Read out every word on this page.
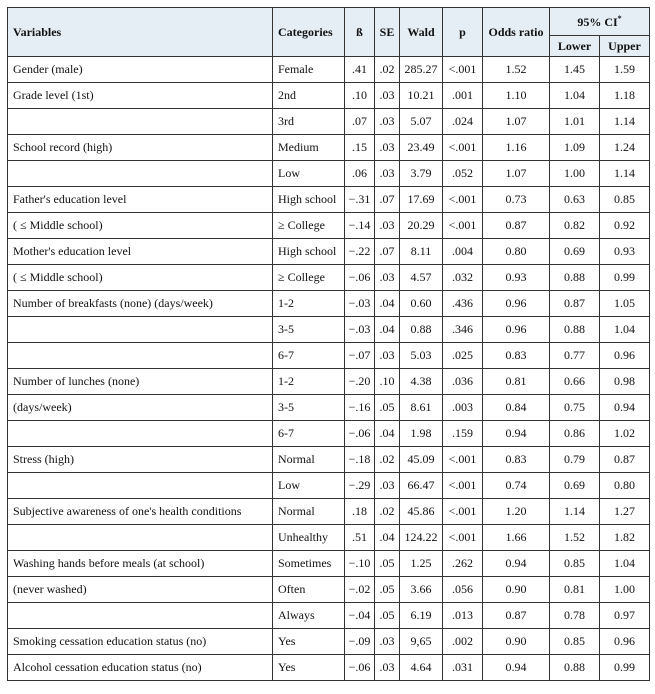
Variables	Categories	ß	SE	Wald	p	Odds ratio	95% CI*
							Lower	Upper
Gender (male)	Female	.41	.02	285.27	<.001	1.52	1.45	1.59
Grade level (1st)	2nd	.10	.03	10.21	.001	1.10	1.04	1.18
	3rd	.07	.03	5.07	.024	1.07	1.01	1.14
School record (high)	Medium	.15	.03	23.49	<.001	1.16	1.09	1.24
	Low	.06	.03	3.79	.052	1.07	1.00	1.14
Father's education level	High school	−.31	.07	17.69	<.001	0.73	0.63	0.85
( ≤ Middle school)	≥ College	−.14	.03	20.29	<.001	0.87	0.82	0.92
Mother's education level	High school	−.22	.07	8.11	.004	0.80	0.69	0.93
( ≤ Middle school)	≥ College	−.06	.03	4.57	.032	0.93	0.88	0.99
Number of breakfasts (none) (days/week)	1-2	−.03	.04	0.60	.436	0.96	0.87	1.05
	3-5	−.03	.04	0.88	.346	0.96	0.88	1.04
	6-7	−.07	.03	5.03	.025	0.83	0.77	0.96
Number of lunches (none)	1-2	−.20	.10	4.38	.036	0.81	0.66	0.98
(days/week)	3-5	−.16	.05	8.61	.003	0.84	0.75	0.94
	6-7	−.06	.04	1.98	.159	0.94	0.86	1.02
Stress (high)	Normal	−.18	.02	45.09	<.001	0.83	0.79	0.87
	Low	−.29	.03	66.47	<.001	0.74	0.69	0.80
Subjective awareness of one's health conditions	Normal	.18	.02	45.86	<.001	1.20	1.14	1.27
	Unhealthy	.51	.04	124.22	<.001	1.66	1.52	1.82
Washing hands before meals (at school)	Sometimes	−.10	.05	1.25	.262	0.94	0.85	1.04
(never washed)	Often	−.02	.05	3.66	.056	0.90	0.81	1.00
	Always	−.04	.05	6.19	.013	0.87	0.78	0.97
Smoking cessation education status (no)	Yes	−.09	.03	9,65	.002	0.90	0.85	0.96
Alcohol cessation education status (no)	Yes	−.06	.03	4.64	.031	0.94	0.88	0.99
